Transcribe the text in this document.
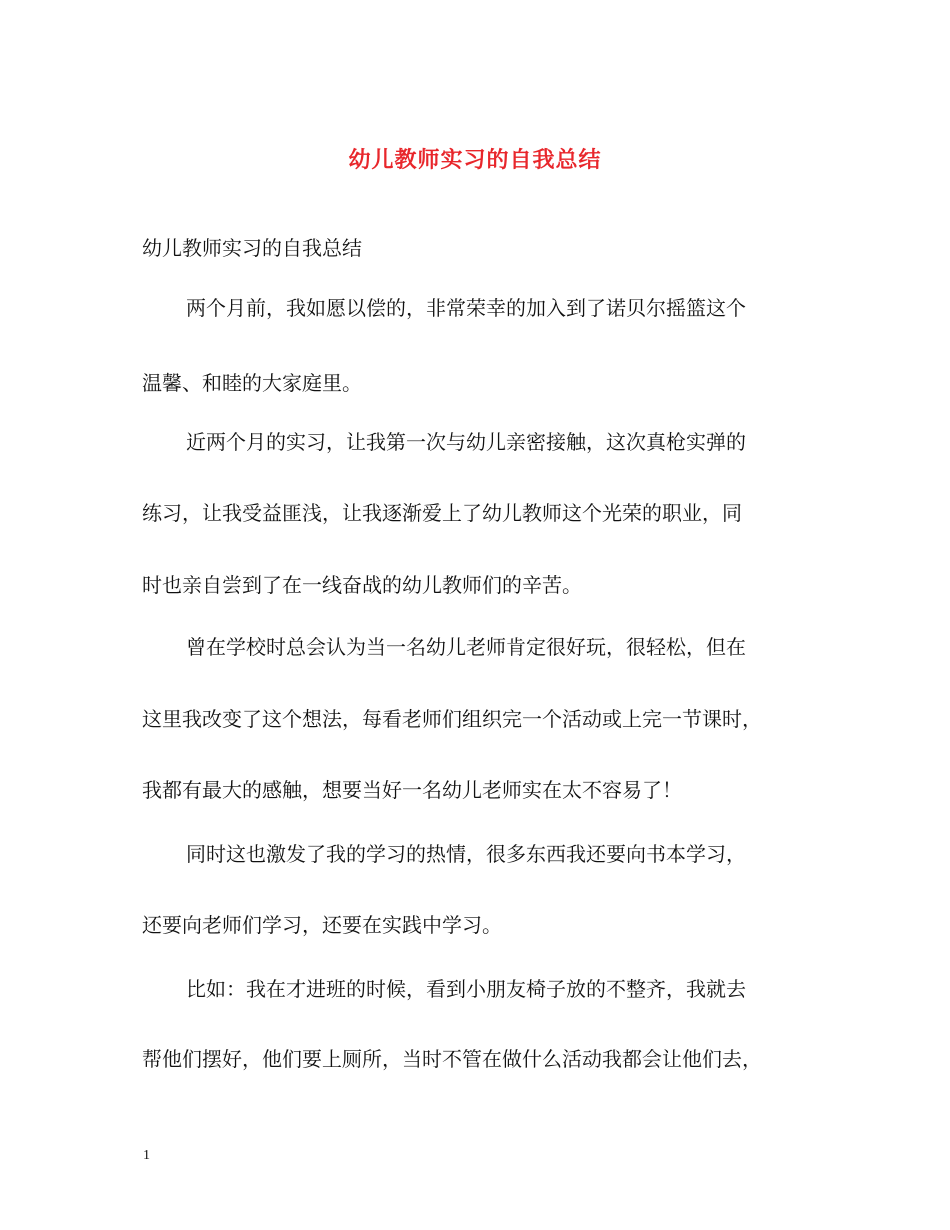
幼儿教师实习的自我总结
幼儿教师实习的自我总结
两个月前，我如愿以偿的，非常荣幸的加入到了诺贝尔摇篮这个
温馨、和睦的大家庭里。
近两个月的实习，让我第一次与幼儿亲密接触，这次真枪实弹的
练习，让我受益匪浅，让我逐渐爱上了幼儿教师这个光荣的职业，同
时也亲自尝到了在一线奋战的幼儿教师们的辛苦。
曾在学校时总会认为当一名幼儿老师肯定很好玩，很轻松，但在
这里我改变了这个想法，每看老师们组织完一个活动或上完一节课时，
我都有最大的感触，想要当好一名幼儿老师实在太不容易了！
同时这也激发了我的学习的热情，很多东西我还要向书本学习，
还要向老师们学习，还要在实践中学习。
比如：我在才进班的时候，看到小朋友椅子放的不整齐，我就去
帮他们摆好，他们要上厕所，当时不管在做什么活动我都会让他们去，
1
